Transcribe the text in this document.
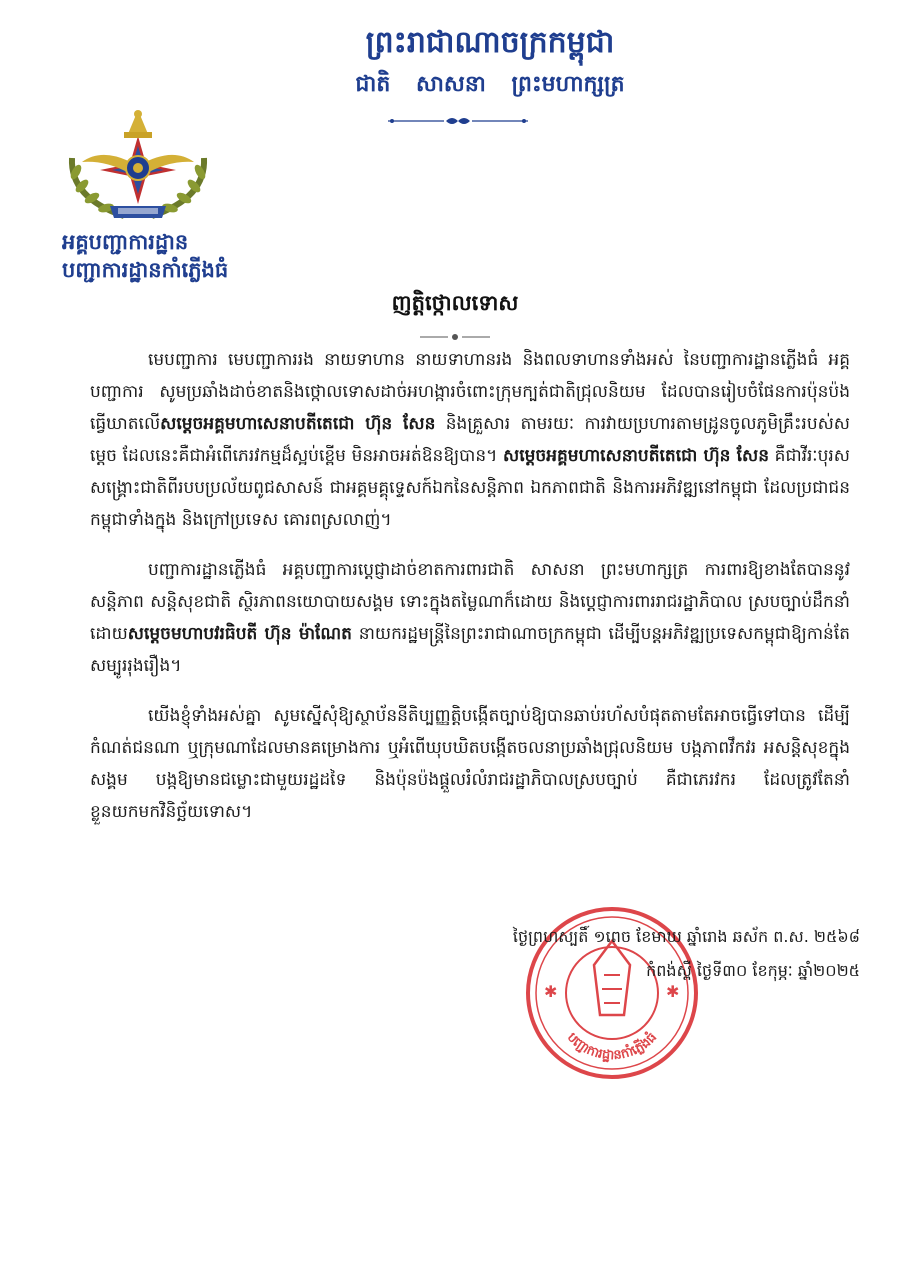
ព្រះរាជាណាចក្រកម្ពុជា
ជាតិ សាសនា ព្រះមហាក្សត្រ
អគ្គបញ្ជាការដ្ឋាន
បញ្ជាការដ្ឋានកាំភ្លើងធំ
ញត្តិថ្កោលទោស

មេបញ្ជាការ មេបញ្ជាការរង នាយទាហាន នាយទាហានរង និងពលទាហានទាំងអស់ នៃបញ្ជាការដ្ឋានភ្លើងធំ អគ្គបញ្ជាការ សូមប្រឆាំងដាច់ខាតនិងថ្កោលទោសដាច់អហង្ការចំពោះក្រុមក្បត់ជាតិជ្រុលនិយម ដែលបានរៀបចំផែនការប៉ុនប៉ងធ្វើឃាតលើសម្តេចអគ្គមហាសេនាបតីតេជោ ហ៊ុន សែន និងគ្រួសារ តាមរយៈ ការវាយប្រហារតាមដ្រូនចូលភូមិគ្រឹះរបស់សម្តេច ដែលនេះគឺជាអំពើភេរវកម្មដ៏ស្អប់ខ្ពើម មិនអាចអត់ឱនឱ្យបាន។ សម្តេចអគ្គមហាសេនាបតីតេជោ ហ៊ុន សែន គឺជាវីរៈបុរសសង្គ្រោះជាតិពីរបបប្រល័យពូជសាសន៍ ជាអគ្គមគ្គុទ្ទេសក៍ឯកនៃសន្តិភាព ឯកភាពជាតិ និងការអភិវឌ្ឍនៅកម្ពុជា ដែលប្រជាជនកម្ពុជាទាំងក្នុង និងក្រៅប្រទេស គោរពស្រលាញ់។

បញ្ជាការដ្ឋានភ្លើងធំ អគ្គបញ្ជាការប្តេជ្ញាដាច់ខាតការពារជាតិ សាសនា ព្រះមហាក្សត្រ ការពារឱ្យខាងតែបាននូវ សន្តិភាព សន្តិសុខជាតិ ស្ថិរភាពនយោបាយសង្គម ទោះក្នុងតម្លៃណាក៏ដោយ និងប្តេជ្ញាការពាររាជរដ្ឋាភិបាល ស្របច្បាប់ដឹកនាំដោយសម្តេចមហាបវរធិបតី ហ៊ុន ម៉ាណែត នាយករដ្ឋមន្ត្រីនៃព្រះរាជាណាចក្រកម្ពុជា ដើម្បីបន្តអភិវឌ្ឍប្រទេសកម្ពុជាឱ្យកាន់តែសម្បូររុងរឿង។

យើងខ្ញុំទាំងអស់គ្នា សូមស្នើសុំឱ្យស្ថាប័ននីតិប្បញ្ញត្តិបង្កើតច្បាប់ឱ្យបានឆាប់រហ័សបំផុតតាមតែអាចធ្វើទៅបាន ដើម្បីកំណត់ជនណា ឬក្រុមណាដែលមានគម្រោងការ ឬអំពើឃុបឃិតបង្កើតចលនាប្រឆាំងជ្រុលនិយម បង្កភាពវឹកវរ អសន្តិសុខក្នុងសង្គម បង្កឱ្យមានជម្លោះជាមួយរដ្ឋដទៃ និងប៉ុនប៉ងផ្តួលរំលំរាជរដ្ឋាភិបាលស្របច្បាប់ គឺជាភេរវករ ដែលត្រូវតែនាំខ្លួនយកមកវិនិច្ឆ័យទោស។

✱	✱
បញ្ជាការដ្ឋានកាំភ្លើងធំ
ថ្ងៃព្រហស្បតិ៍ ១ពេច ខែមាឃ ឆ្នាំរោង ឆស័ក ព.ស. ២៥៦៨
កំពង់ស្ពឺ ថ្ងៃទី៣០ ខែកុម្ភៈ ឆ្នាំ២០២៥
